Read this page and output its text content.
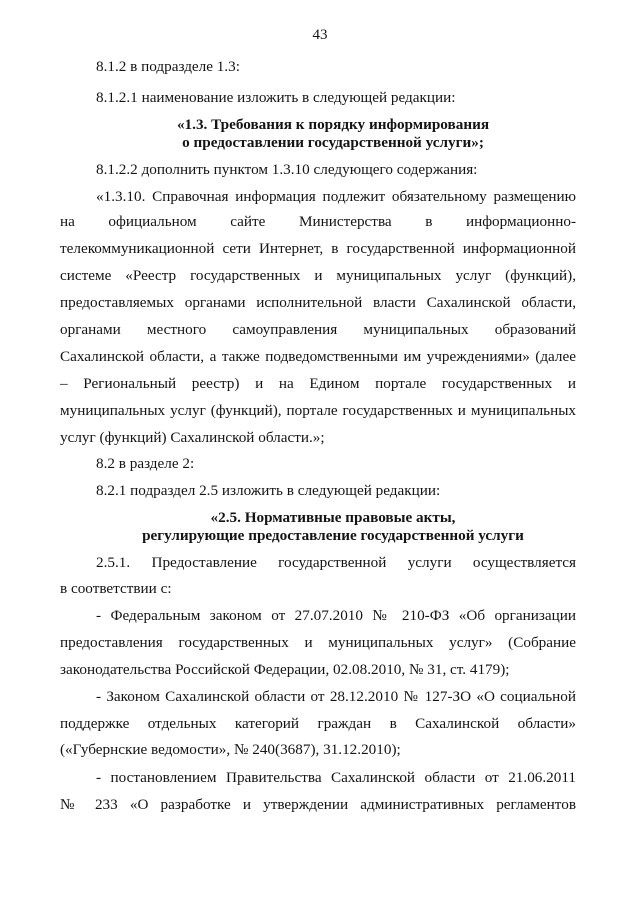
43
8.1.2 в подразделе 1.3:
8.1.2.1 наименование изложить в следующей редакции:
«1.3. Требования к порядку информирования
о предоставлении государственной услуги»;
8.1.2.2 дополнить пунктом 1.3.10 следующего содержания:
«1.3.10. Справочная информация подлежит обязательному размещению
на официальном сайте Министерства в информационно-
телекоммуникационной сети Интернет, в государственной информационной
системе «Реестр государственных и муниципальных услуг (функций),
предоставляемых органами исполнительной власти Сахалинской области,
органами местного самоуправления муниципальных образований
Сахалинской области, а также подведомственными им учреждениями» (далее
– Региональный реестр) и на Едином портале государственных и
муниципальных услуг (функций), портале государственных и муниципальных
услуг (функций) Сахалинской области.»;
8.2 в разделе 2:
8.2.1 подраздел 2.5 изложить в следующей редакции:
«2.5. Нормативные правовые акты,
регулирующие предоставление государственной услуги
2.5.1. Предоставление государственной услуги осуществляется
в соответствии с:
- Федеральным законом от 27.07.2010 № 210-ФЗ «Об организации
предоставления государственных и муниципальных услуг» (Собрание
законодательства Российской Федерации, 02.08.2010, № 31, ст. 4179);
- Законом Сахалинской области от 28.12.2010 № 127-ЗО «О социальной
поддержке отдельных категорий граждан в Сахалинской области»
(«Губернские ведомости», № 240(3687), 31.12.2010);
- постановлением Правительства Сахалинской области от 21.06.2011
№ 233 «О разработке и утверждении административных регламентов
